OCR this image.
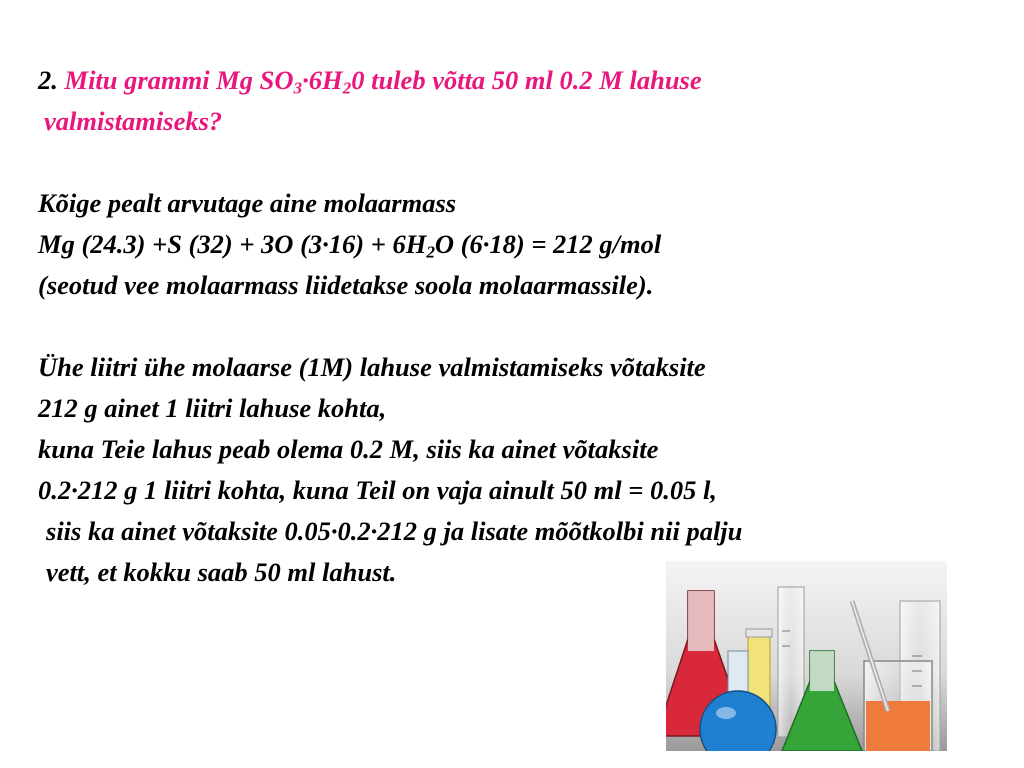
2. Mitu grammi Mg $SO_3\cdot 6H_20$ tuleb võtta 50 ml 0.2 M lahuse
valmistamiseks?
Kõige pealt arvutage aine molaarmass
Mg (24.3) +S (32) + 3O $(3\cdot 16) + 6H_2O$ (6·18) = 212 g/mol
(seotud vee molaarmass liidetakse soola molaarmassile).
Ühe liitri ühe molaarse (1M) lahuse valmistamiseks võtaksite
212 g ainet 1 liitri lahuse kohta,
kuna Teie lahus peab olema 0.2 M, siis ka ainet võtaksite
0.2·212 g 1 liitri kohta, kuna Teil on vaja ainult 50 ml = 0.05 l,
siis ka ainet võtaksite 0.05·0.2·212 g ja lisate mõõtkolbi nii palju
vett, et kokku saab 50 ml lahust.
